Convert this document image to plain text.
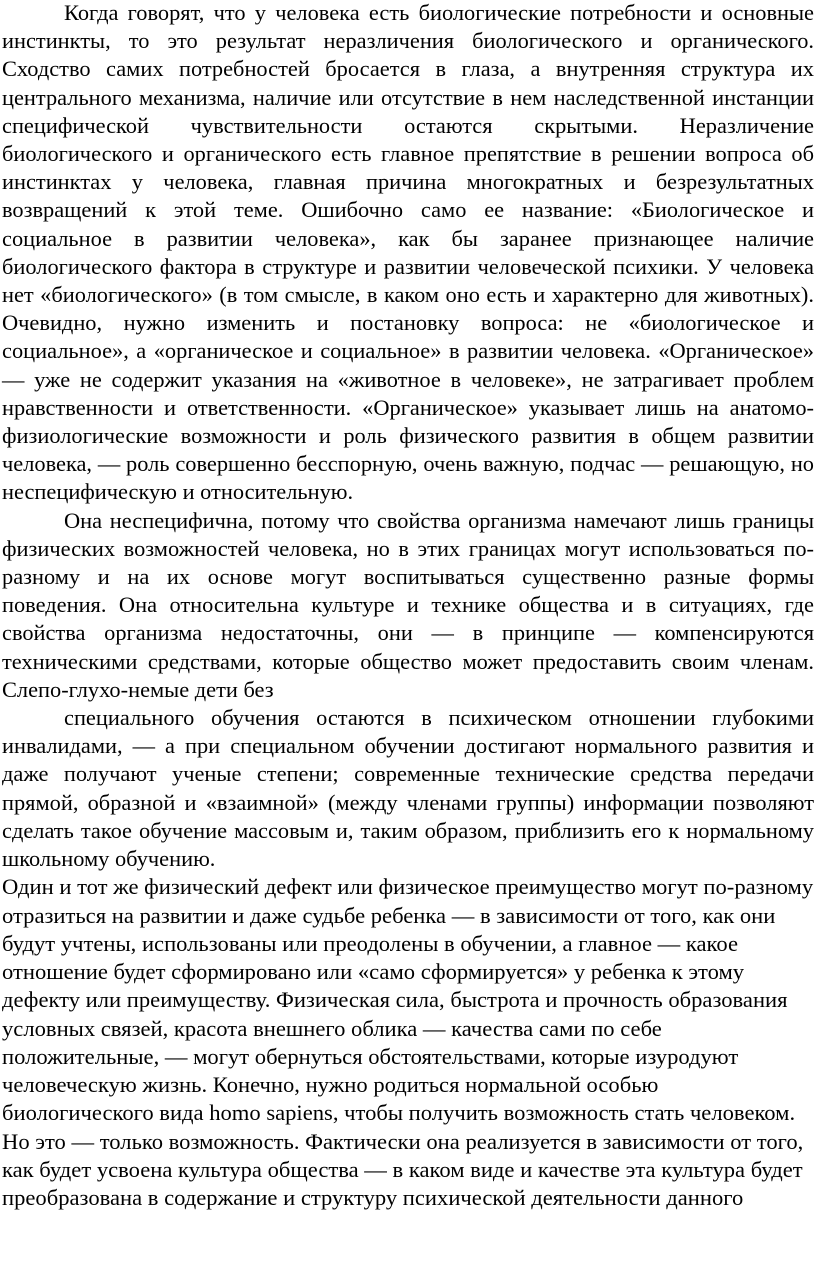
Когда говорят, что у человека есть биологические потребности и основные инстинкты, то это результат неразличения биологического и органического. Сходство самих потребностей бросается в глаза, а внутренняя структура их центрального механизма, наличие или отсутствие в нем наследственной инстанции специфической чувствительности остаются скрытыми. Неразличение биологического и органического есть главное препятствие в решении вопроса об инстинктах у человека, главная причина многократных и безрезультатных возвращений к этой теме. Ошибочно само ее название: «Биологическое и социальное в развитии человека», как бы заранее признающее наличие биологического фактора в структуре и развитии человеческой психики. У человека нет «биологического» (в том смысле, в каком оно есть и характерно для животных). Очевидно, нужно изменить и постановку вопроса: не «биологическое и социальное», а «органическое и социальное» в развитии человека. «Органическое» — уже не содержит указания на «животное в человеке», не затрагивает проблем нравственности и ответственности. «Органическое» указывает лишь на анатомо-физиологические возможности и роль физического развития в общем развитии человека, — роль совершенно бесспорную, очень важную, подчас — решающую, но неспецифическую и относительную.

Она неспецифична, потому что свойства организма намечают лишь границы физических возможностей человека, но в этих границах могут использоваться по-разному и на их основе могут воспитываться существенно разные формы поведения. Она относительна культуре и технике общества и в ситуациях, где свойства организма недостаточны, они — в принципе — компенсируются техническими средствами, которые общество может предоставить своим членам. Слепо-глухо-немые дети без

специального обучения остаются в психическом отношении глубокими инвалидами, — а при специальном обучении достигают нормального развития и даже получают ученые степени; современные технические средства передачи прямой, образной и «взаимной» (между членами группы) информации позволяют сделать такое обучение массовым и, таким образом, приблизить его к нормальному школьному обучению.

Один и тот же физический дефект или физическое преимущество могут по-разному отразиться на развитии и даже судьбе ребенка — в зависимости от того, как они будут учтены, использованы или преодолены в обучении, а главное — какое отношение будет сформировано или «само сформируется» у ребенка к этому дефекту или преимуществу. Физическая сила, быстрота и прочность образования условных связей, красота внешнего облика — качества сами по себе положительные, — могут обернуться обстоятельствами, которые изуродуют человеческую жизнь. Конечно, нужно родиться нормальной особью биологического вида homo sapiens, чтобы получить возможность стать человеком. Но это — только возможность. Фактически она реализуется в зависимости от того, как будет усвоена культура общества — в каком виде и качестве эта культура будет преобразована в содержание и структуру психической деятельности данного
